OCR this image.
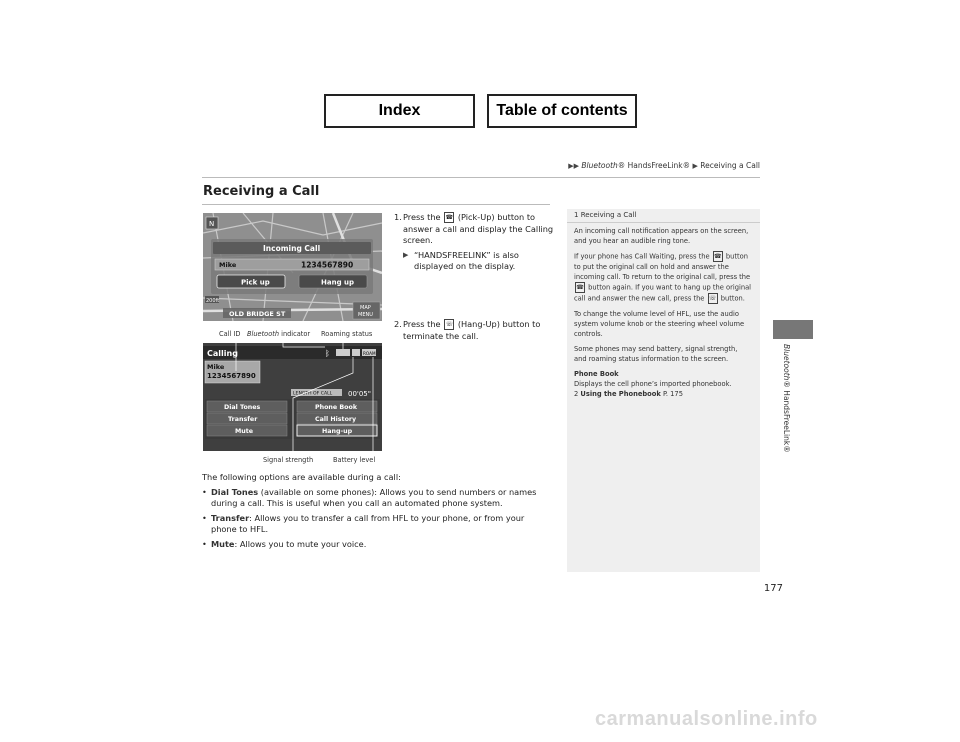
Index	Table of contents
▶▶ Bluetooth® HandsFreeLink® ▶ Receiving a Call
Receiving a Call
N
Incoming Call
Mike	1234567890
Pick up	Hang up
200ft
OLD BRIDGE ST
MAP
MENU
Call ID Bluetooth indicator Roaming status
Signal strength	Battery level
Calling	ᛒ	ROAM
Mike
1234567890
LENGTH OF CALL 00'05"
Dial Tones	Phone Book
Transfer	Call History
Mute	Hang-up
1. Press the ☎ (Pick-Up) button to answer a call and display the Calling screen.
▶ “HANDSFREELINK” is also displayed on the display.
2. Press the ☏ (Hang-Up) button to terminate the call.

The following options are available during a call:

• Dial Tones (available on some phones): Allows you to send numbers or names during a call. This is useful when you call an automated phone system.
• Transfer: Allows you to transfer a call from HFL to your phone, or from your phone to HFL.
• Mute: Allows you to mute your voice.
1 Receiving a Call

An incoming call notification appears on the screen, and you hear an audible ring tone.

If your phone has Call Waiting, press the ☎ button to put the original call on hold and answer the incoming call. To return to the original call, press the ☎ button again. If you want to hang up the original call and answer the new call, press the ☏ button.

To change the volume level of HFL, use the audio system volume knob or the steering wheel volume controls.

Some phones may send battery, signal strength, and roaming status information to the screen.

Phone Book

Displays the cell phone’s imported phonebook.

2 Using the Phonebook P. 175

Bluetooth® HandsFreeLink®
177
carmanualsonline.info
